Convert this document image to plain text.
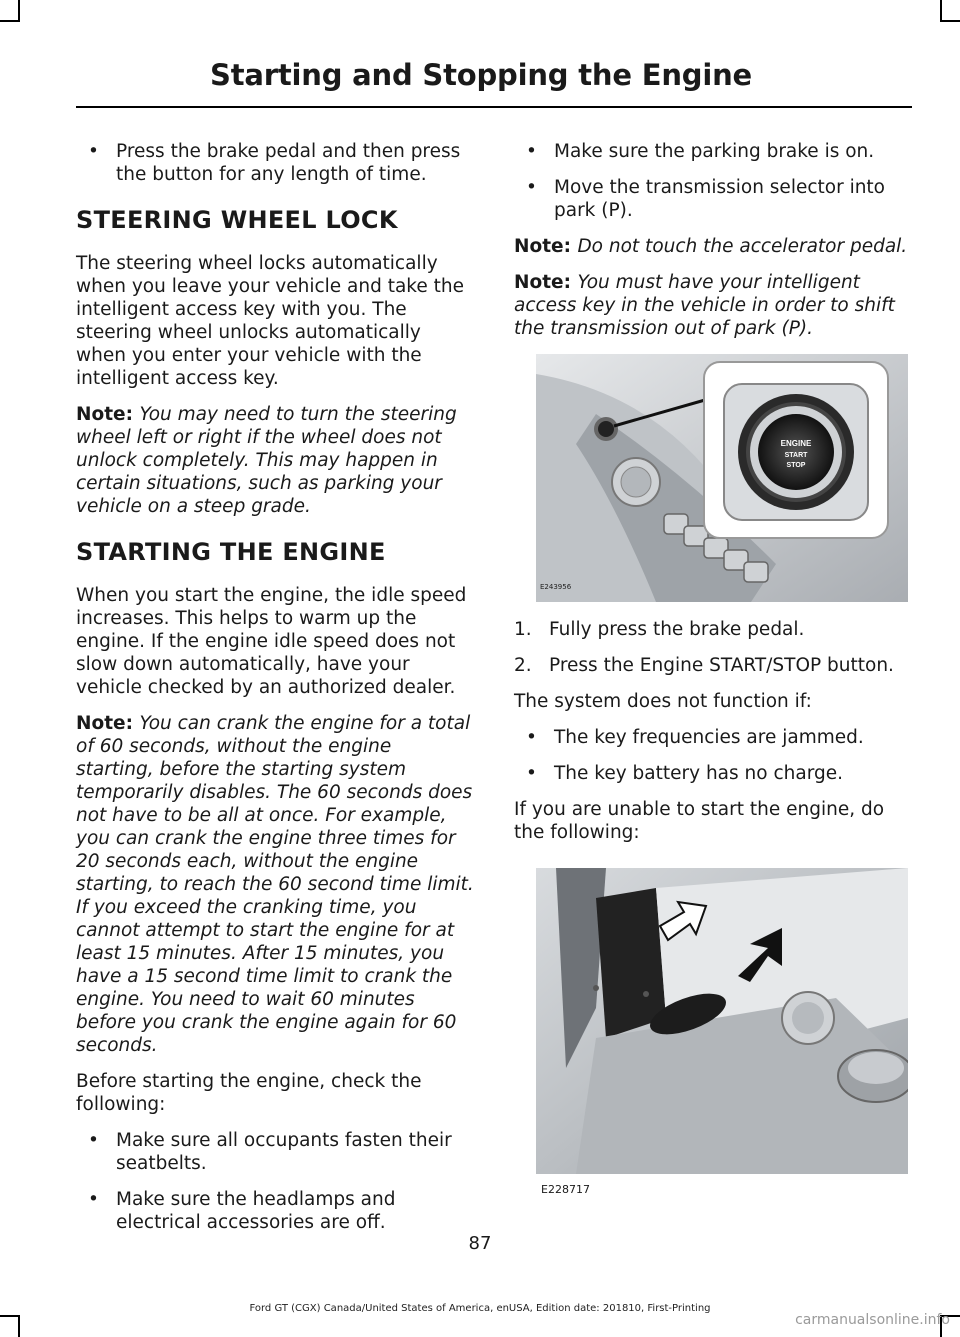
Starting and Stopping the Engine
• Press the brake pedal and then press the button for any length of time.
STEERING WHEEL LOCK

The steering wheel locks automatically when you leave your vehicle and take the intelligent access key with you. The steering wheel unlocks automatically when you enter your vehicle with the intelligent access key.

Note: You may need to turn the steering wheel left or right if the wheel does not unlock completely. This may happen in certain situations, such as parking your vehicle on a steep grade.

STARTING THE ENGINE

When you start the engine, the idle speed increases. This helps to warm up the engine. If the engine idle speed does not slow down automatically, have your vehicle checked by an authorized dealer.

Note: You can crank the engine for a total of 60 seconds, without the engine starting, before the starting system temporarily disables. The 60 seconds does not have to be all at once. For example, you can crank the engine three times for 20 seconds each, without the engine starting, to reach the 60 second time limit. If you exceed the cranking time, you cannot attempt to start the engine for at least 15 minutes. After 15 minutes, you have a 15 second time limit to crank the engine. You need to wait 60 minutes before you crank the engine again for 60 seconds.

Before starting the engine, check the following:

• Make sure all occupants fasten their seatbelts.
• Make sure the headlamps and electrical accessories are off.
• Make sure the parking brake is on.
• Move the transmission selector into park (P).

Note: Do not touch the accelerator pedal.

Note: You must have your intelligent access key in the vehicle in order to shift the transmission out of park (P).

ENGINE
START
STOP
E243956
1. Fully press the brake pedal.
2. Press the Engine START/STOP button.

The system does not function if:

• The key frequencies are jammed.
• The key battery has no charge.

If you are unable to start the engine, do the following:

E228717
87
Ford GT (CGX) Canada/United States of America, enUSA, Edition date: 201810, First-Printing
carmanualsonline.info
